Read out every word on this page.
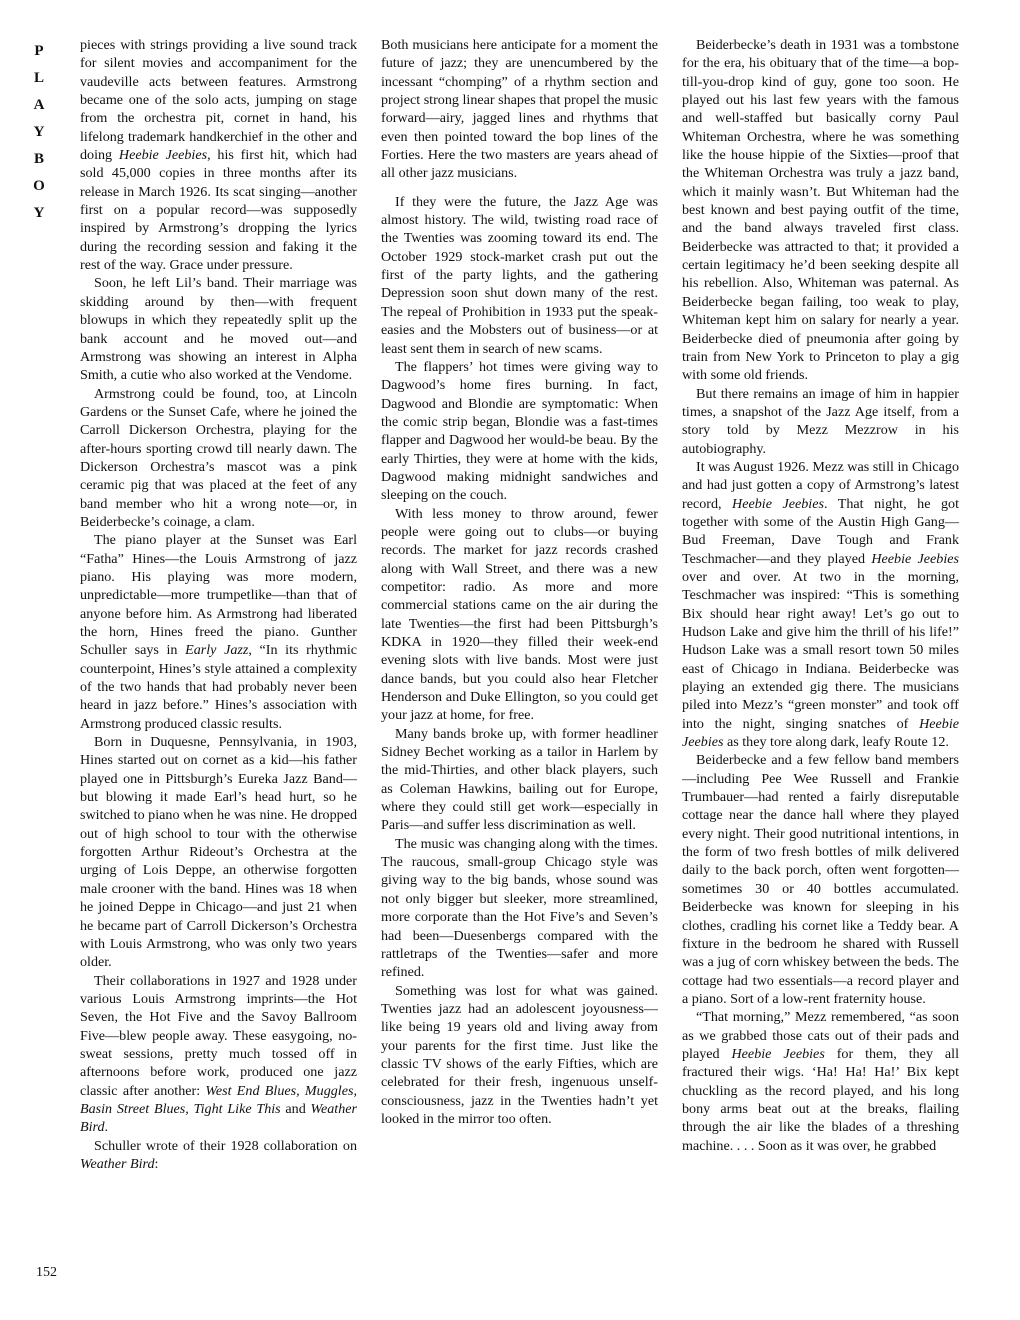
P
L
A
Y
B
O
Y
152

pieces with strings providing a live sound track for silent movies and accompaniment for the vaudeville acts between features. Armstrong became one of the solo acts, jumping on stage from the orchestra pit, cornet in hand, his lifelong trademark handkerchief in the other and doing Heebie Jeebies, his first hit, which had sold 45,000 copies in three months after its release in March 1926. Its scat singing—another first on a popular record—was supposedly inspired by Armstrong’s dropping the lyrics during the recording session and faking it the rest of the way. Grace under pressure.

Soon, he left Lil’s band. Their marriage was skidding around by then—with frequent blowups in which they repeatedly split up the bank account and he moved out—and Armstrong was showing an interest in Alpha Smith, a cutie who also worked at the Vendome.

Armstrong could be found, too, at Lincoln Gardens or the Sunset Cafe, where he joined the Carroll Dickerson Orchestra, playing for the after-hours sporting crowd till nearly dawn. The Dickerson Orchestra’s mascot was a pink ceramic pig that was placed at the feet of any band member who hit a wrong note—or, in Beiderbecke’s coinage, a clam.

The piano player at the Sunset was Earl “Fatha” Hines—the Louis Armstrong of jazz piano. His playing was more modern, unpredictable—more trumpetlike—than that of anyone before him. As Armstrong had liberated the horn, Hines freed the piano. Gunther Schuller says in Early Jazz, “In its rhythmic counterpoint, Hines’s style attained a complexity of the two hands that had probably never been heard in jazz before.” Hines’s association with Armstrong produced classic results.

Born in Duquesne, Pennsylvania, in 1903, Hines started out on cornet as a kid—his father played one in Pittsburgh’s Eureka Jazz Band—but blowing it made Earl’s head hurt, so he switched to piano when he was nine. He dropped out of high school to tour with the otherwise forgotten Arthur Rideout’s Orchestra at the urging of Lois Deppe, an otherwise forgotten male crooner with the band. Hines was 18 when he joined Deppe in Chicago—and just 21 when he became part of Carroll Dickerson’s Orchestra with Louis Armstrong, who was only two years older.

Their collaborations in 1927 and 1928 under various Louis Armstrong imprints—the Hot Seven, the Hot Five and the Savoy Ballroom Five—blew people away. These easygoing, no-sweat sessions, pretty much tossed off in afternoons before work, produced one jazz classic after another: West End Blues, Muggles, Basin Street Blues, Tight Like This and Weather Bird.

Schuller wrote of their 1928 collaboration on Weather Bird:

Both musicians here anticipate for a moment the future of jazz; they are unencumbered by the incessant “chomping” of a rhythm section and project strong linear shapes that propel the music forward—airy, jagged lines and rhythms that even then pointed toward the bop lines of the Forties. Here the two masters are years ahead of all other jazz musicians.

If they were the future, the Jazz Age was almost history. The wild, twisting road race of the Twenties was zooming toward its end. The October 1929 stock-market crash put out the first of the party lights, and the gathering Depression soon shut down many of the rest. The repeal of Prohibition in 1933 put the speak-easies and the Mobsters out of business—or at least sent them in search of new scams.

The flappers’ hot times were giving way to Dagwood’s home fires burning. In fact, Dagwood and Blondie are symptomatic: When the comic strip began, Blondie was a fast-times flapper and Dagwood her would-be beau. By the early Thirties, they were at home with the kids, Dagwood making midnight sandwiches and sleeping on the couch.

With less money to throw around, fewer people were going out to clubs—or buying records. The market for jazz records crashed along with Wall Street, and there was a new competitor: radio. As more and more commercial stations came on the air during the late Twenties—the first had been Pittsburgh’s KDKA in 1920—they filled their week-end evening slots with live bands. Most were just dance bands, but you could also hear Fletcher Henderson and Duke Ellington, so you could get your jazz at home, for free.

Many bands broke up, with former headliner Sidney Bechet working as a tailor in Harlem by the mid-Thirties, and other black players, such as Coleman Hawkins, bailing out for Europe, where they could still get work—especially in Paris—and suffer less discrimination as well.

The music was changing along with the times. The raucous, small-group Chicago style was giving way to the big bands, whose sound was not only bigger but sleeker, more streamlined, more corporate than the Hot Five’s and Seven’s had been—Duesenbergs compared with the rattletraps of the Twenties—safer and more refined.

Something was lost for what was gained. Twenties jazz had an adolescent joyousness—like being 19 years old and living away from your parents for the first time. Just like the classic TV shows of the early Fifties, which are celebrated for their fresh, ingenuous unself-consciousness, jazz in the Twenties hadn’t yet looked in the mirror too often.

Beiderbecke’s death in 1931 was a tombstone for the era, his obituary that of the time—a bop-till-you-drop kind of guy, gone too soon. He played out his last few years with the famous and well-staffed but basically corny Paul Whiteman Orchestra, where he was something like the house hippie of the Sixties—proof that the Whiteman Orchestra was truly a jazz band, which it mainly wasn’t. But Whiteman had the best known and best paying outfit of the time, and the band always traveled first class. Beiderbecke was attracted to that; it provided a certain legitimacy he’d been seeking despite all his rebellion. Also, Whiteman was paternal. As Beiderbecke began failing, too weak to play, Whiteman kept him on salary for nearly a year. Beiderbecke died of pneumonia after going by train from New York to Princeton to play a gig with some old friends.

But there remains an image of him in happier times, a snapshot of the Jazz Age itself, from a story told by Mezz Mezzrow in his autobiography.

It was August 1926. Mezz was still in Chicago and had just gotten a copy of Armstrong’s latest record, Heebie Jeebies. That night, he got together with some of the Austin High Gang—Bud Freeman, Dave Tough and Frank Teschmacher—and they played Heebie Jeebies over and over. At two in the morning, Teschmacher was inspired: “This is something Bix should hear right away! Let’s go out to Hudson Lake and give him the thrill of his life!” Hudson Lake was a small resort town 50 miles east of Chicago in Indiana. Beiderbecke was playing an extended gig there. The musicians piled into Mezz’s “green monster” and took off into the night, singing snatches of Heebie Jeebies as they tore along dark, leafy Route 12.

Beiderbecke and a few fellow band members—including Pee Wee Russell and Frankie Trumbauer—had rented a fairly disreputable cottage near the dance hall where they played every night. Their good nutritional intentions, in the form of two fresh bottles of milk delivered daily to the back porch, often went forgotten—sometimes 30 or 40 bottles accumulated. Beiderbecke was known for sleeping in his clothes, cradling his cornet like a Teddy bear. A fixture in the bedroom he shared with Russell was a jug of corn whiskey between the beds. The cottage had two essentials—a record player and a piano. Sort of a low-rent fraternity house.

“That morning,” Mezz remembered, “as soon as we grabbed those cats out of their pads and played Heebie Jeebies for them, they all fractured their wigs. ‘Ha! Ha! Ha!’ Bix kept chuckling as the record played, and his long bony arms beat out at the breaks, flailing through the air like the blades of a threshing machine. . . . Soon as it was over, he grabbed
